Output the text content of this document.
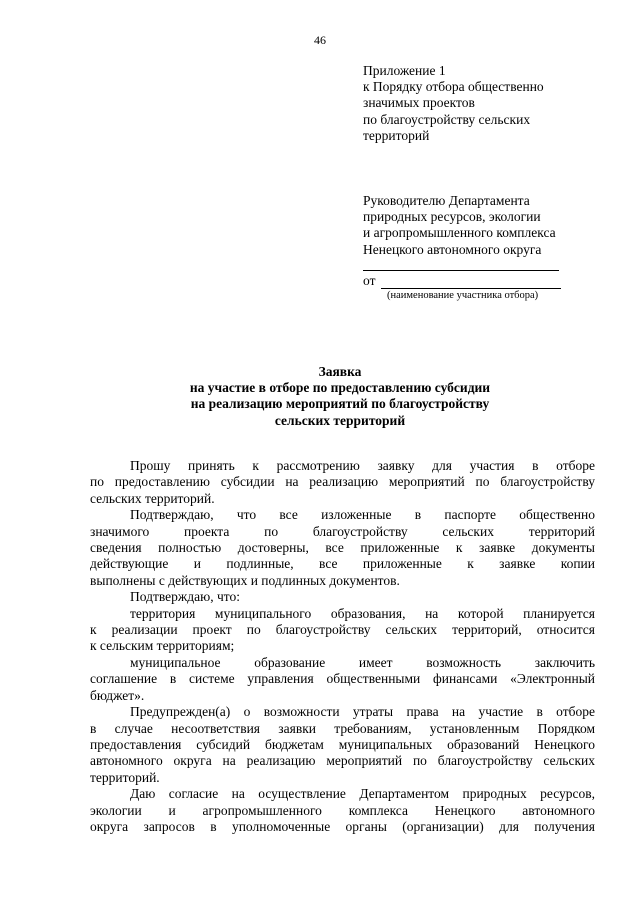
46
Приложение 1
к Порядку отбора общественно
значимых проектов
по благоустройству сельских
территорий
Руководителю Департамента
природных ресурсов, экологии
и агропромышленного комплекса
Ненецкого автономного округа
от
(наименование участника отбора)
Заявка
на участие в отборе по предоставлению субсидии
на реализацию мероприятий по благоустройству
сельских территорий
Прошу принять к рассмотрению заявку для участия в отборе
по предоставлению субсидии на реализацию мероприятий по благоустройству
сельских территорий.
Подтверждаю, что все изложенные в паспорте общественно
значимого проекта по благоустройству сельских территорий
сведения полностью достоверны, все приложенные к заявке документы
действующие и подлинные, все приложенные к заявке копии
выполнены с действующих и подлинных документов.
Подтверждаю, что:
территория муниципального образования, на которой планируется
к реализации проект по благоустройству сельских территорий, относится
к сельским территориям;
муниципальное образование имеет возможность заключить
соглашение в системе управления общественными финансами «Электронный
бюджет».
Предупрежден(а) о возможности утраты права на участие в отборе
в случае несоответствия заявки требованиям, установленным Порядком
предоставления субсидий бюджетам муниципальных образований Ненецкого
автономного округа на реализацию мероприятий по благоустройству сельских
территорий.
Даю согласие на осуществление Департаментом природных ресурсов,
экологии и агропромышленного комплекса Ненецкого автономного
округа запросов в уполномоченные органы (организации) для получения
